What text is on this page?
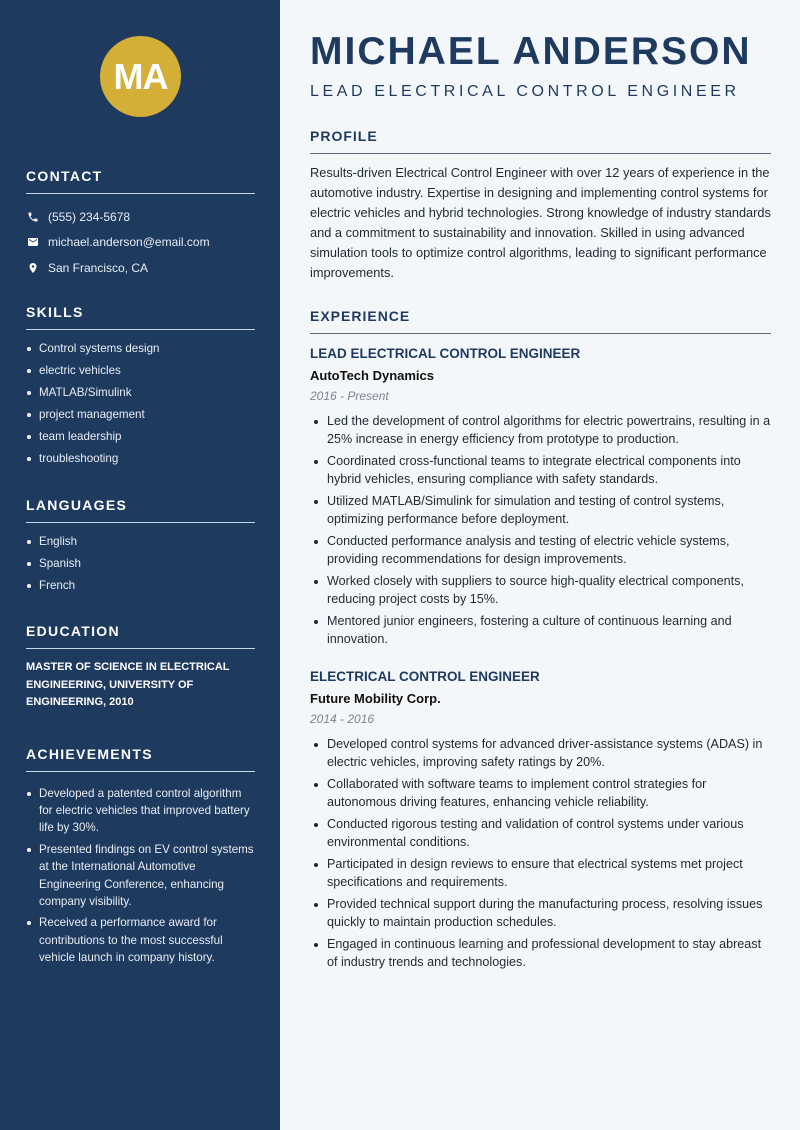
MA
CONTACT
(555) 234-5678
michael.anderson@email.com
San Francisco, CA
SKILLS
Control systems design
electric vehicles
MATLAB/Simulink
project management
team leadership
troubleshooting
LANGUAGES
English
Spanish
French
EDUCATION
MASTER OF SCIENCE IN ELECTRICAL ENGINEERING, UNIVERSITY OF ENGINEERING, 2010
ACHIEVEMENTS
Developed a patented control algorithm for electric vehicles that improved battery life by 30%.
Presented findings on EV control systems at the International Automotive Engineering Conference, enhancing company visibility.
Received a performance award for contributions to the most successful vehicle launch in company history.
MICHAEL ANDERSON
LEAD ELECTRICAL CONTROL ENGINEER
PROFILE

Results-driven Electrical Control Engineer with over 12 years of experience in the automotive industry. Expertise in designing and implementing control systems for electric vehicles and hybrid technologies. Strong knowledge of industry standards and a commitment to sustainability and innovation. Skilled in using advanced simulation tools to optimize control algorithms, leading to significant performance improvements.

EXPERIENCE
LEAD ELECTRICAL CONTROL ENGINEER
AutoTech Dynamics
2016 - Present
Led the development of control algorithms for electric powertrains, resulting in a 25% increase in energy efficiency from prototype to production.
Coordinated cross-functional teams to integrate electrical components into hybrid vehicles, ensuring compliance with safety standards.
Utilized MATLAB/Simulink for simulation and testing of control systems, optimizing performance before deployment.
Conducted performance analysis and testing of electric vehicle systems, providing recommendations for design improvements.
Worked closely with suppliers to source high-quality electrical components, reducing project costs by 15%.
Mentored junior engineers, fostering a culture of continuous learning and innovation.
ELECTRICAL CONTROL ENGINEER
Future Mobility Corp.
2014 - 2016
Developed control systems for advanced driver-assistance systems (ADAS) in electric vehicles, improving safety ratings by 20%.
Collaborated with software teams to implement control strategies for autonomous driving features, enhancing vehicle reliability.
Conducted rigorous testing and validation of control systems under various environmental conditions.
Participated in design reviews to ensure that electrical systems met project specifications and requirements.
Provided technical support during the manufacturing process, resolving issues quickly to maintain production schedules.
Engaged in continuous learning and professional development to stay abreast of industry trends and technologies.
